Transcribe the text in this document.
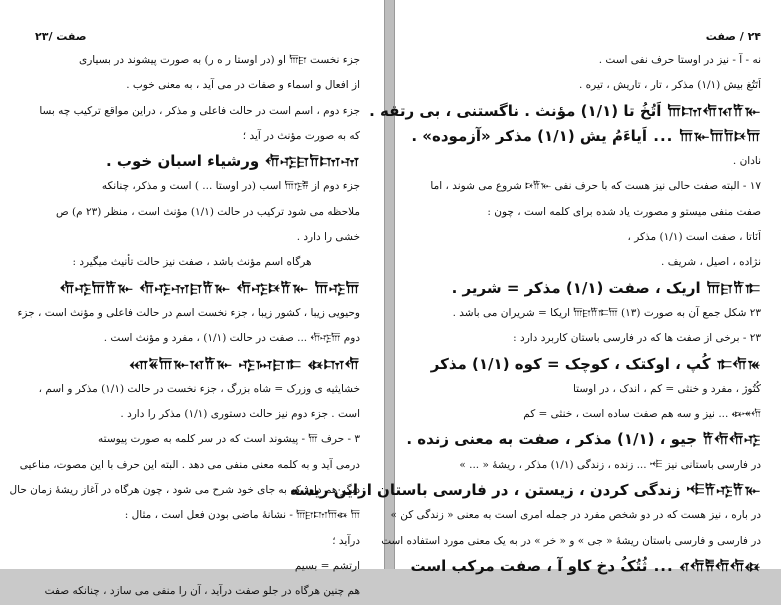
صفت /۲۳
جزء نخست 𐎠𐎼 او (در اوستا ر ه ر) به صورت پیشوند در بسیاری
از افعال و اسماء و صفات در می آید ، به معنی خوب .
جزء دوم ، اسم است در حالت فاعلی و مذکر ، دراین مواقع ترکیب چه بسا
که به صورت مؤنث در آید ؛
𐎢𐎺𐎼𐎭𐎫𐎶 ورشیاء اسبان خوب .
جزء دوم از 𐎠𐎿𐎱 اسب (در اوستا ... ) است و مذکر، چنانکه
ملاحظه می شود ترکیب در حالت (۱/۱) مؤنث است ، منظر (۲۳ م) ص
خشی را دارد .
هرگاه اسم مؤنث باشد ، صفت نیز حالت تأنیث میگیرد :
𐎢𐎺𐎠𐎡𐎹 𐎢𐎺𐎶𐎼𐎡𐎹 𐎢𐎺𐎴𐎡𐎹 𐎠𐎺𐎠
وحیویی زیبا ، کشور زیبا ، جزء نخست اسم در حالت فاعلی و مؤنث است ، جزء
دوم 𐎢𐎺𐎠 ... صفت در حالت (۱/۱) ، مفرد و مؤنث است .
𐎧𐏁𐎠𐎹𐎰𐎡𐎹 𐎺𐏀𐎼𐎣 𐏃𐎫𐎢
خشایثیه ی وزرک = شاه بزرگ ، جزء نخست در حالت (۱/۱) مذکر و اسم ،
است . جزء دوم نیز حالت دستوری (۱/۱) مذکر را دارد .
۳ - حرف 𐎠 - پیشوند است که در سر کلمه به صورت پیوسته
درمی آید و به کلمه معنی منفی می دهد . البته این حرف با این مصوت، مناعیی
دیگر هم دارد که به جای خود شرح می شود ، چون هرگاه در آغاز ریشهٔ زمان حال
𐎠𐎼𐎫𐎠𐏃 𐎠 - نشانهٔ ماضی بودن فعل است ، مثال :
درآید ؛
ارتشم = بسیم
هم چنین هرگاه در جلو صفت درآید ، آن را منفی می سازد ، چنانکه صفت
۲۴ / صفت
نه - آ - نیز در اوستا حرف نفی است .
اَتَتُغ بیش (۱/۱) مذکر ، تار ، تاریش ، تیره .
𐎠𐎫𐎢𐎰𐎡𐎹 اَتُخُ تا (۱/۱) مؤنث . ناگستنی ، بی رتقه .
𐎠𐎹𐎠𐎭𐎴𐎠 ... اَیاءَمُ یش (۱/۱) مذکر «آزموده» .
نادان .
۱۷ - البته صفت حالی نیز هست که با حرف نفی 𐎴𐎡𐎹 شروع می شوند ، اما
صفت منفی میستو و مصورت یاد شده برای کلمه است ، چون :
اَنَاتا ، صفت است (۱/۱) مذکر ،
نژاده ، اصیل ، شریف .
𐎠𐎼𐎡𐎣 اریک ، صفت (۱/۱) مذکر = شریر .
۲۳ شکل جمع آن به صورت (۱۳) 𐎠𐎼𐎡𐎣𐎠 اریکا = شریران می باشد .
۲۳ - برخی از صفت ها که در فارسی باستان کاربرد دارد :
𐎣𐎢𐎳 کُپ ، اوکتک ، کوچک = کوه (۱/۱) مذکر
کُتُوژ ، مفرد و خنثی = کم ، اندک ، در اوستا
𐏃𐎽𐎢 ... نیز و سه هم صفت ساده است ، خنثی = کم
𐎡𐎢𐎢𐎺 جیو ، (۱/۱) مذکر ، صفت به معنی زنده .
در فارسی باستانی نیز 𐎪 ... زنده ، زندگی (۱/۱) مذکر ، ریشهٔ « ... »
𐎪𐎡𐎺𐎡𐎹 زندگی کردن ، زیستن ، در فارسی باستان ازاین ریشه
در باره ، نیز هست که در دو شخص مفرد در جمله امری است به معنی « زندگی کن »
در فارسی و فارسی باستان ریشهٔ « جی » و « خر » در به یک معنی مورد استفاده است
𐎤𐎢𐎱𐎢𐎢𐏃 ... ثُتُکُ دخ کاو آ ، صفت مرکب است
